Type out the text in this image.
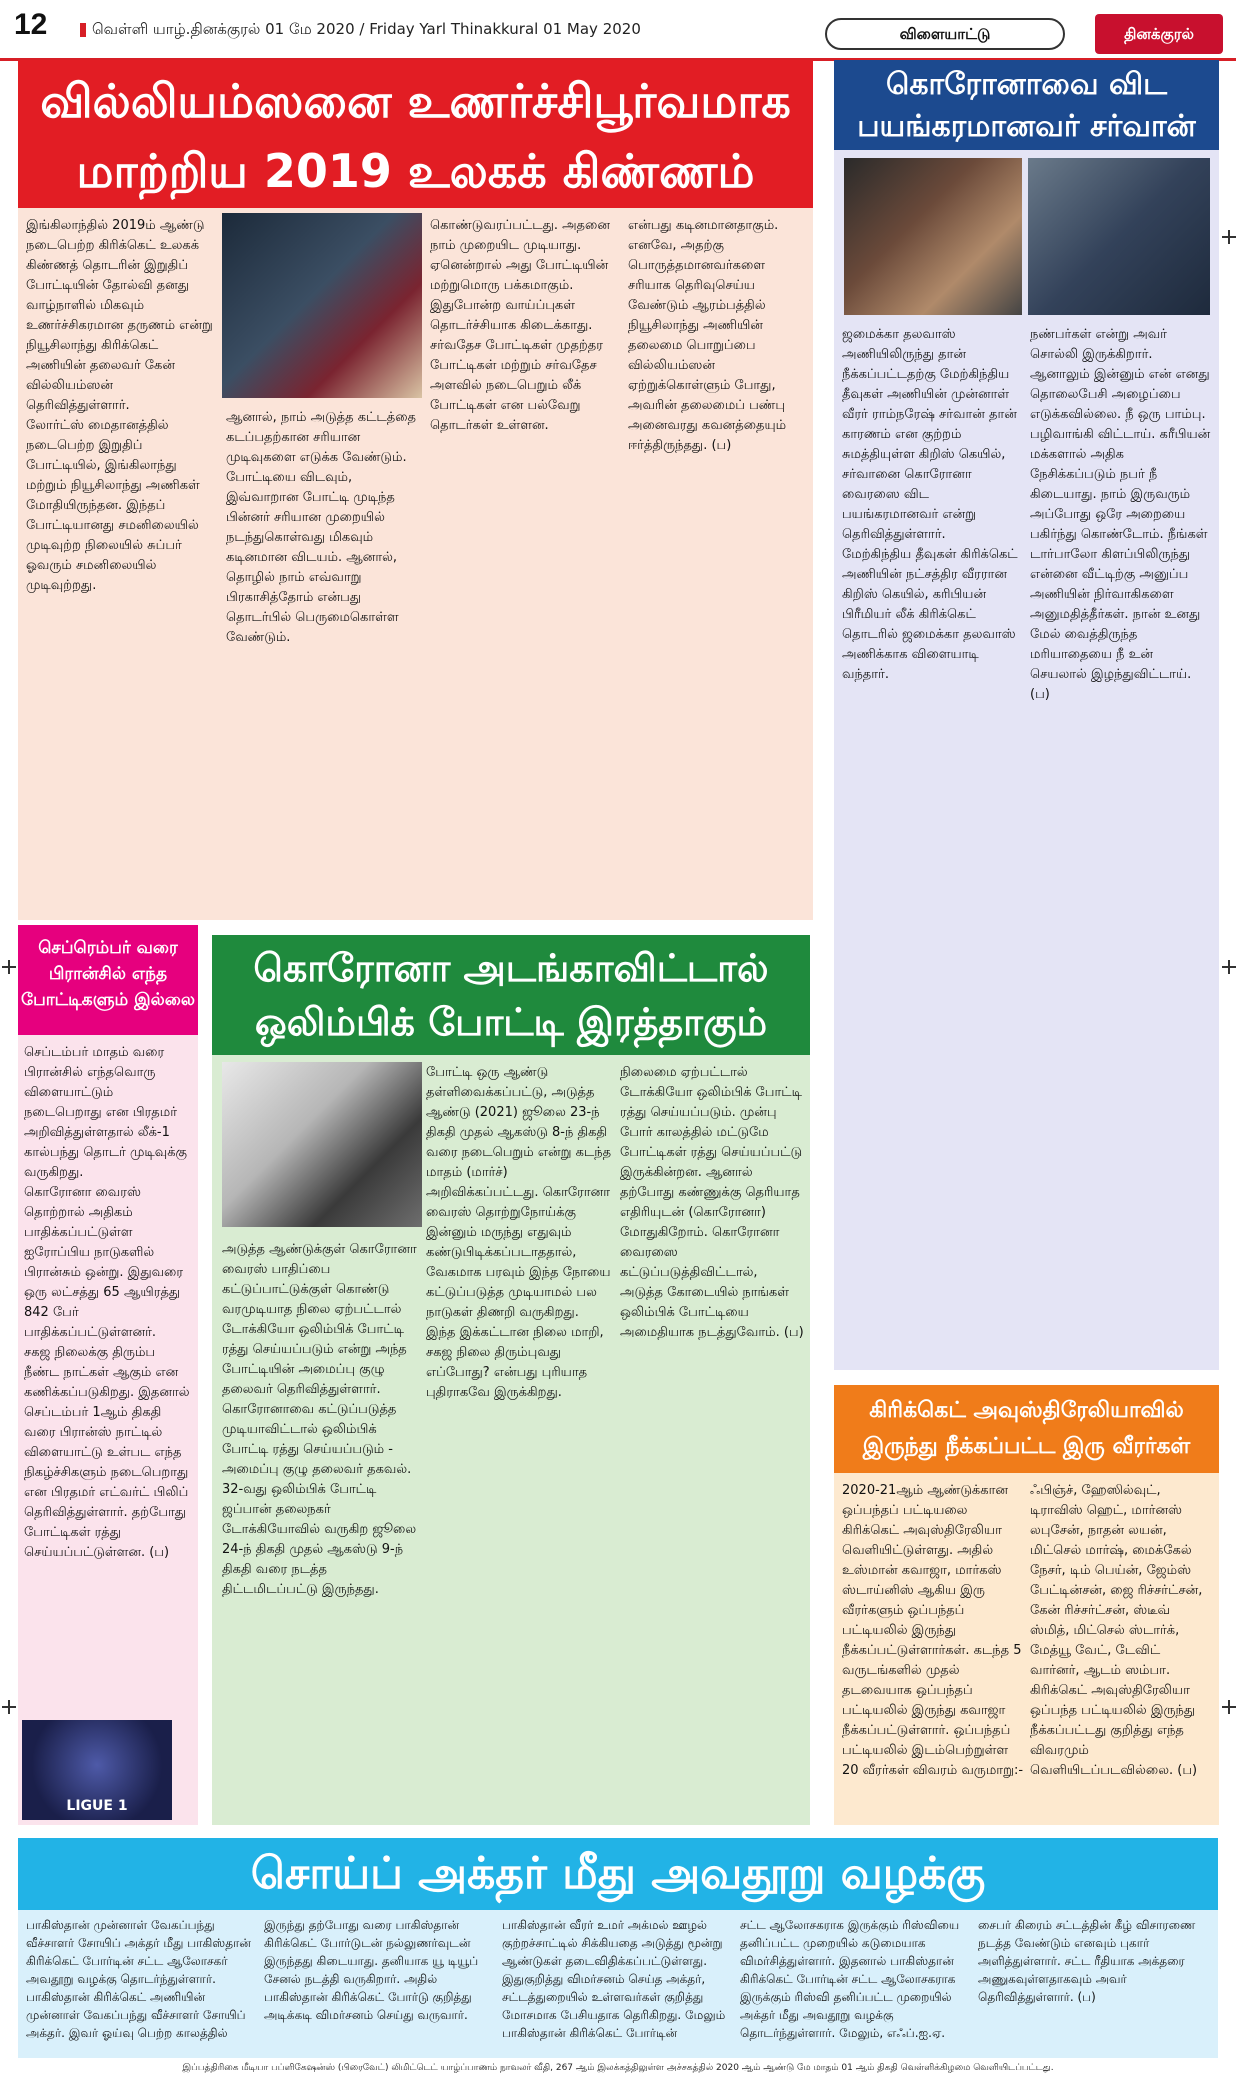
12	வெள்ளி யாழ்.தினக்குரல் 01 மே 2020 / Friday Yarl Thinakkural 01 May 2020	விளையாட்டு	தினக்குரல்
வில்லியம்ஸனை உணர்ச்சிபூர்வமாக மாற்றிய 2019 உலகக் கிண்ணம்
இங்கிலாந்தில் 2019ம் ஆண்டு நடைபெற்ற கிரிக்கெட் உலகக் கிண்ணத் தொடரின் இறுதிப் போட்டியின் தோல்வி தனது வாழ்நாளில் மிகவும் உணர்ச்சிகரமான தருணம் என்று நியூசிலாந்து கிரிக்கெட் அணியின் தலைவர் கேன் வில்லியம்ஸன் தெரிவித்துள்ளார்.
லோர்ட்ஸ் மைதானத்தில் நடைபெற்ற இறுதிப் போட்டியில், இங்கிலாந்து மற்றும் நியூசிலாந்து அணிகள் மோதியிருந்தன. இந்தப் போட்டியானது சமனிலையில் முடிவுற்ற நிலையில் சுப்பர் ஓவரும் சமனிலையில் முடிவுற்றது.
ஆனால், நாம் அடுத்த கட்டத்தை கடப்பதற்கான சரியான முடிவுகளை எடுக்க வேண்டும். போட்டியை விடவும், இவ்வாறான போட்டி முடிந்த பின்னர் சரியான முறையில் நடந்துகொள்வது மிகவும் கடினமான விடயம். ஆனால், தொழில் நாம் எவ்வாறு பிரகாசித்தோம் என்பது தொடர்பில் பெருமைகொள்ள வேண்டும்.
கொண்டுவரப்பட்டது. அதனை நாம் முறையிட முடியாது. ஏனென்றால் அது போட்டியின் மற்றுமொரு பக்கமாகும். இதுபோன்ற வாய்ப்புகள் தொடர்ச்சியாக கிடைக்காது. சர்வதேச போட்டிகள் முதற்தர போட்டிகள் மற்றும் சர்வதேச அளவில் நடைபெறும் லீக் போட்டிகள் என பல்வேறு தொடர்கள் உள்ளன.
என்பது கடினமானதாகும். எனவே, அதற்கு பொருத்தமானவர்களை சரியாக தெரிவுசெய்ய வேண்டும் ஆரம்பத்தில் நியூசிலாந்து அணியின் தலைமை பொறுப்பை வில்லியம்ஸன் ஏற்றுக்கொள்ளும் போது, அவரின் தலைமைப் பண்பு அனைவரது கவனத்தையும் ஈர்த்திருந்தது. (ப)
கொரோனாவை விட பயங்கரமானவர் சர்வான்
ஜமைக்கா தலவாஸ் அணியிலிருந்து தான் நீக்கப்பட்டதற்கு மேற்கிந்திய தீவுகள் அணியின் முன்னாள் வீரர் ராம்நரேஷ் சர்வான் தான் காரணம் என குற்றம் சுமத்தியுள்ள கிறிஸ் கெயில், சர்வானை கொரோனா வைரஸை விட பயங்கரமானவர் என்று தெரிவித்துள்ளார்.
மேற்கிந்திய தீவுகள் கிரிக்கெட் அணியின் நட்சத்திர வீரரான கிறிஸ் கெயில், கரிபியன் பிரீமியர் லீக் கிரிக்கெட் தொடரில் ஜமைக்கா தலவாஸ் அணிக்காக விளையாடி வந்தார்.
நண்பர்கள் என்று அவர் சொல்லி இருக்கிறார். ஆனாலும் இன்னும் என் எனது தொலைபேசி அழைப்பை எடுக்கவில்லை. நீ ஒரு பாம்பு. பழிவாங்கி விட்டாய். கரீபியன் மக்களால் அதிக நேசிக்கப்படும் நபர் நீ கிடையாது. நாம் இருவரும் அப்போது ஒரே அறையை பகிர்ந்து கொண்டோம். நீங்கள் டார்பாலோ கிளப்பிலிருந்து என்னை வீட்டிற்கு அனுப்ப அணியின் நிர்வாகிகளை அனுமதித்தீர்கள். நான் உனது மேல் வைத்திருந்த மரியாதையை நீ உன் செயலால் இழந்துவிட்டாய். (ப)
செப்ரெம்பர் வரை பிரான்சில் எந்த போட்டிகளும் இல்லை
செப்டம்பர் மாதம் வரை பிரான்சில் எந்தவொரு விளையாட்டும் நடைபெறாது என பிரதமர் அறிவித்துள்ளதால் லீக்-1 கால்பந்து தொடர் முடிவுக்கு வருகிறது.
கொரோனா வைரஸ் தொற்றால் அதிகம் பாதிக்கப்பட்டுள்ள ஐரோப்பிய நாடுகளில் பிரான்சும் ஒன்று. இதுவரை ஒரு லட்சத்து 65 ஆயிரத்து 842 பேர் பாதிக்கப்பட்டுள்ளனர்.
சகஜ நிலைக்கு திரும்ப நீண்ட நாட்கள் ஆகும் என கணிக்கப்படுகிறது. இதனால் செப்டம்பர் 1ஆம் திகதி வரை பிரான்ஸ் நாட்டில் விளையாட்டு உள்பட எந்த நிகழ்ச்சிகளும் நடைபெறாது என பிரதமர் எட்வர்ட் பிலிப் தெரிவித்துள்ளார். தற்போது போட்டிகள் ரத்து செய்யப்பட்டுள்ளன. (ப)
LIGUE 1
கொரோனா அடங்காவிட்டால் ஒலிம்பிக் போட்டி இரத்தாகும்
அடுத்த ஆண்டுக்குள் கொரோனா வைரஸ் பாதிப்பை கட்டுப்பாட்டுக்குள் கொண்டு வரமுடியாத நிலை ஏற்பட்டால் டோக்கியோ ஒலிம்பிக் போட்டி ரத்து செய்யப்படும் என்று அந்த போட்டியின் அமைப்பு குழு தலைவர் தெரிவித்துள்ளார்.
கொரோனாவை கட்டுப்படுத்த முடியாவிட்டால் ஒலிம்பிக் போட்டி ரத்து செய்யப்படும் - அமைப்பு குழு தலைவர் தகவல். 32-வது ஒலிம்பிக் போட்டி ஜப்பான் தலைநகர் டோக்கியோவில் வருகிற ஜூலை 24-ந் திகதி முதல் ஆகஸ்டு 9-ந் திகதி வரை நடத்த திட்டமிடப்பட்டு இருந்தது.
போட்டி ஒரு ஆண்டு தள்ளிவைக்கப்பட்டு, அடுத்த ஆண்டு (2021) ஜூலை 23-ந் திகதி முதல் ஆகஸ்டு 8-ந் திகதி வரை நடைபெறும் என்று கடந்த மாதம் (மார்ச்) அறிவிக்கப்பட்டது. கொரோனா வைரஸ் தொற்றுநோய்க்கு இன்னும் மருந்து எதுவும் கண்டுபிடிக்கப்படாததால், வேகமாக பரவும் இந்த நோயை கட்டுப்படுத்த முடியாமல் பல நாடுகள் திணறி வருகிறது. இந்த இக்கட்டான நிலை மாறி, சகஜ நிலை திரும்புவது எப்போது? என்பது புரியாத புதிராகவே இருக்கிறது.
நிலைமை ஏற்பட்டால் டோக்கியோ ஒலிம்பிக் போட்டி ரத்து செய்யப்படும். முன்பு போர் காலத்தில் மட்டுமே போட்டிகள் ரத்து செய்யப்பட்டு இருக்கின்றன. ஆனால் தற்போது கண்ணுக்கு தெரியாத எதிரியுடன் (கொரோனா) மோதுகிறோம். கொரோனா வைரஸை கட்டுப்படுத்திவிட்டால், அடுத்த கோடையில் நாங்கள் ஒலிம்பிக் போட்டியை அமைதியாக நடத்துவோம். (ப)
கிரிக்கெட் அவுஸ்திரேலியாவில் இருந்து நீக்கப்பட்ட இரு வீரர்கள்
2020-21ஆம் ஆண்டுக்கான ஒப்பந்தப் பட்டியலை கிரிக்கெட் அவுஸ்திரேலியா வெளியிட்டுள்ளது. அதில் உஸ்மான் கவாஜா, மார்கஸ் ஸ்டாய்னிஸ் ஆகிய இரு வீரர்களும் ஒப்பந்தப் பட்டியலில் இருந்து நீக்கப்பட்டுள்ளார்கள். கடந்த 5 வருடங்களில் முதல் தடவையாக ஒப்பந்தப் பட்டியலில் இருந்து கவாஜா நீக்கப்பட்டுள்ளார். ஒப்பந்தப் பட்டியலில் இடம்பெற்றுள்ள 20 வீரர்கள் விவரம் வருமாறு:-
ஃபிஞ்ச், ஹேஸில்வுட், டிராவிஸ் ஹெட், மார்னஸ் லபுசேன், நாதன் லயன், மிட்செல் மார்ஷ், மைக்கேல் நேசர், டிம் பெய்ன், ஜேம்ஸ் பேட்டின்சன், ஜை ரிச்சர்ட்சன், கேன் ரிச்சர்ட்சன், ஸ்டீவ் ஸ்மித், மிட்செல் ஸ்டார்க், மேத்யூ வேட், டேவிட் வார்னர், ஆடம் ஸம்பா. கிரிக்கெட் அவுஸ்திரேலியா ஒப்பந்த பட்டியலில் இருந்து நீக்கப்பட்டது குறித்து எந்த விவரமும் வெளியிடப்படவில்லை. (ப)
சொய்ப் அக்தர் மீது அவதூறு வழக்கு
பாகிஸ்தான் முன்னாள் வேகப்பந்து வீச்சாளர் சோயிப் அக்தர் மீது பாகிஸ்தான் கிரிக்கெட் போர்டின் சட்ட ஆலோசகர் அவதூறு வழக்கு தொடர்ந்துள்ளார். பாகிஸ்தான் கிரிக்கெட் அணியின் முன்னாள் வேகப்பந்து வீச்சாளர் சோயிப் அக்தர். இவர் ஓய்வு பெற்ற காலத்தில்
இருந்து தற்போது வரை பாகிஸ்தான் கிரிக்கெட் போர்டுடன் நல்லுணர்வுடன் இருந்தது கிடையாது. தனியாக யூ டியூப் சேனல் நடத்தி வருகிறார். அதில் பாகிஸ்தான் கிரிக்கெட் போர்டு குறித்து அடிக்கடி விமர்சனம் செய்து வருவார்.
பாகிஸ்தான் வீரர் உமர் அக்மல் ஊழல் குற்றச்சாட்டில் சிக்கியதை அடுத்து மூன்று ஆண்டுகள் தடைவிதிக்கப்பட்டுள்ளது. இதுகுறித்து விமர்சனம் செய்த அக்தர், சட்டத்துறையில் உள்ளவர்கள் குறித்து மோசமாக பேசியதாக தெரிகிறது. மேலும் பாகிஸ்தான் கிரிக்கெட் போர்டின்
சட்ட ஆலோசகராக இருக்கும் ரிஸ்வியை தனிப்பட்ட முறையில் கடுமையாக விமர்சித்துள்ளார். இதனால் பாகிஸ்தான் கிரிக்கெட் போர்டின் சட்ட ஆலோசகராக இருக்கும் ரிஸ்வி தனிப்பட்ட முறையில் அக்தர் மீது அவதூறு வழக்கு தொடர்ந்துள்ளார். மேலும், எஃப்.ஐ.ஏ.
சைபர் கிரைம் சட்டத்தின் கீழ் விசாரணை நடத்த வேண்டும் எனவும் புகார் அளித்துள்ளார். சட்ட ரீதியாக அக்தரை அணுகவுள்ளதாகவும் அவர் தெரிவித்துள்ளார். (ப)
இப்பத்திரிகை மீடியா பப்ளிகேஷன்ஸ் (பிரைவேட்) லிமிட்டெட் யாழ்ப்பாணம் நாவலர் வீதி, 267 ஆம் இலக்கத்திலுள்ள அச்சகத்தில் 2020 ஆம் ஆண்டு மே மாதம் 01 ஆம் திகதி வெள்ளிக்கிழமை வெளியிடப்பட்டது.
